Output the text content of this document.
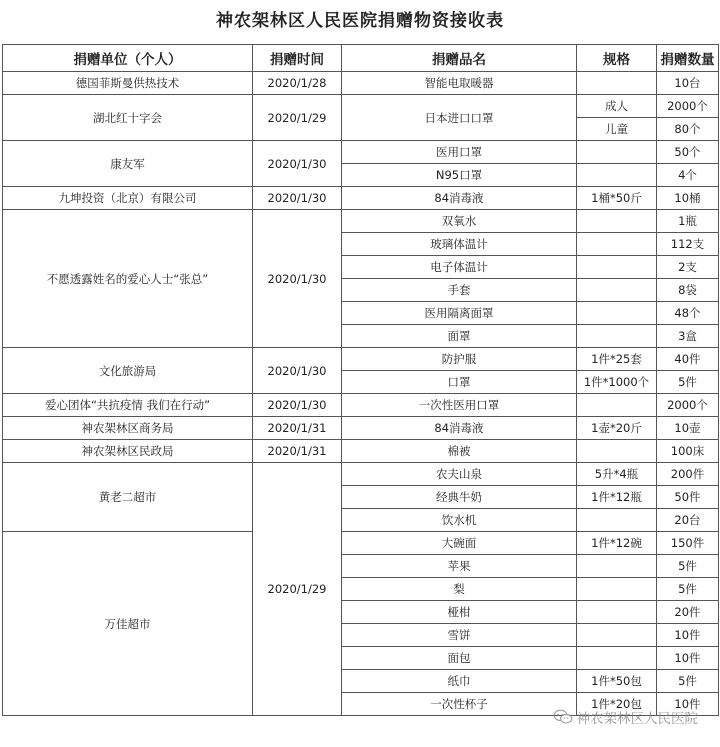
神农架林区人民医院捐赠物资接收表
捐赠单位（个人）	捐赠时间	捐赠品名	规格	捐赠数量
德国菲斯曼供热技术	2020/1/28	智能电取暖器		10台
湖北红十字会	2020/1/29	日本进口口罩	成人	2000个
			儿童	80个
康友军	2020/1/30	医用口罩		50个
		N95口罩		4个
九坤投资（北京）有限公司	2020/1/30	84消毒液	1桶*50斤	10桶
不愿透露姓名的爱心人士“张总”	2020/1/30	双氧水		1瓶
		玻璃体温计		112支
		电子体温计		2支
		手套		8袋
		医用隔离面罩		48个
		面罩		3盒
文化旅游局	2020/1/30	防护服	1件*25套	40件
		口罩	1件*1000个	5件
爱心团体“共抗疫情 我们在行动”	2020/1/30	一次性医用口罩		2000个
神农架林区商务局	2020/1/31	84消毒液	1壶*20斤	10壶
神农架林区民政局	2020/1/31	棉被		100床
黄老二超市	2020/1/29	农夫山泉	5升*4瓶	200件
		经典牛奶	1件*12瓶	50件
		饮水机		20台
万佳超市		大碗面	1件*12碗	150件
		苹果		5件
		梨		5件
		桠柑		20件
		雪饼		10件
		面包		10件
		纸巾	1件*50包	5件
		一次性杯子	1件*20包	10件
神农架林区人民医院
